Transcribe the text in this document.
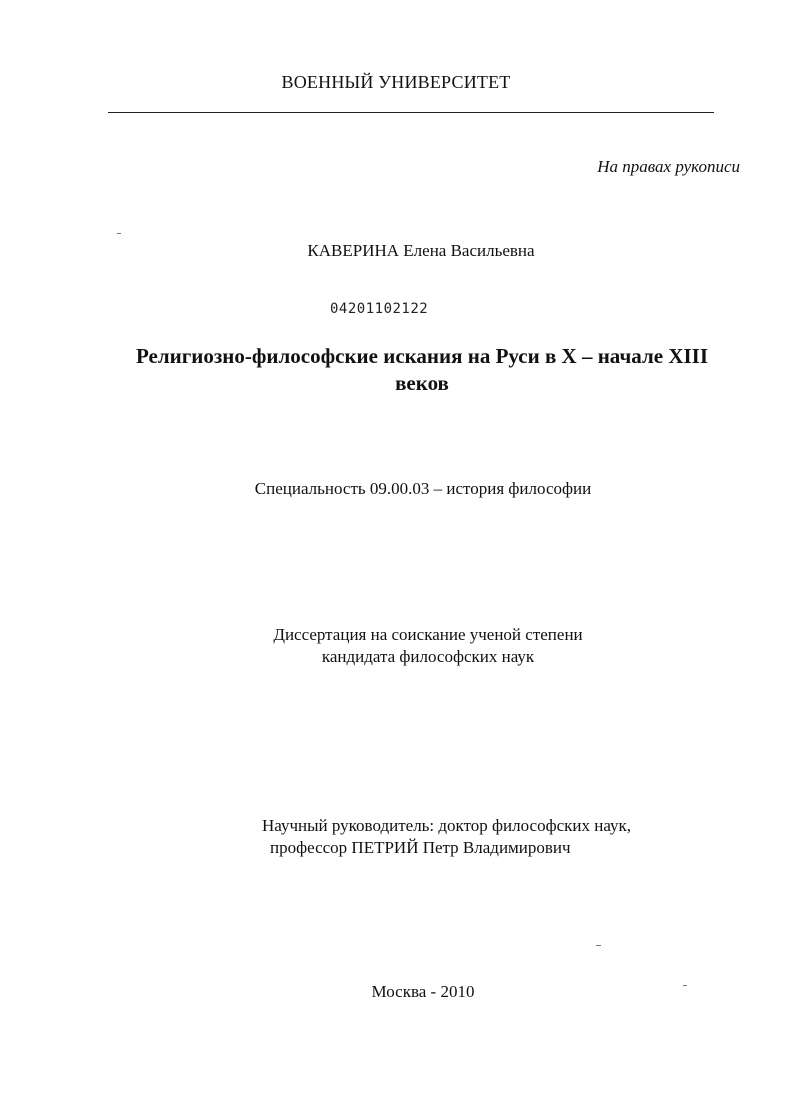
ВОЕННЫЙ УНИВЕРСИТЕТ
На правах рукописи
КАВЕРИНА Елена Васильевна
04201102122
Религиозно-философские искания на Руси в X – начале XIII веков
Специальность 09.00.03 – история философии
Диссертация на соискание ученой степени
кандидата философских наук
Научный руководитель: доктор философских наук,
профессор ПЕТРИЙ Петр Владимирович
Москва - 2010
